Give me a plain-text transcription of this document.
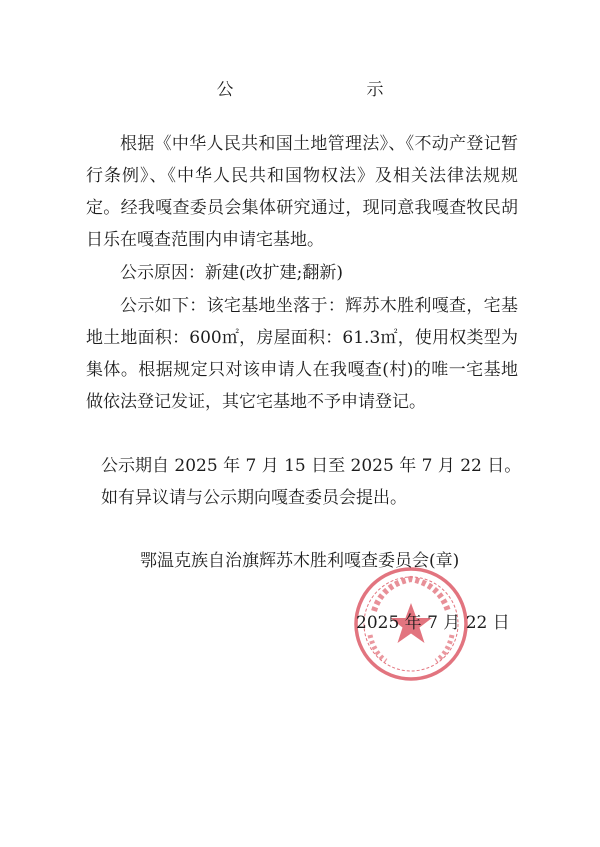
公　示

根据《中华人民共和国土地管理法》、《不动产登记暂行条例》、《中华人民共和国物权法》及相关法律法规规定。经我嘎查委员会集体研究通过，现同意我嘎查牧民胡日乐在嘎查范围内申请宅基地。

公示原因：新建(改扩建;翻新)

公示如下：该宅基地坐落于：辉苏木胜利嘎查，宅基地土地面积：600㎡，房屋面积：61.3㎡，使用权类型为集体。根据规定只对该申请人在我嘎查(村)的唯一宅基地做依法登记发证，其它宅基地不予申请登记。

公示期自 2025 年 7 月 15 日至 2025 年 7 月 22 日。

如有异议请与公示期向嘎查委员会提出。

鄂温克族自治旗辉苏木胜利嘎查委员会(章)

2025 年 7 月 22 日
